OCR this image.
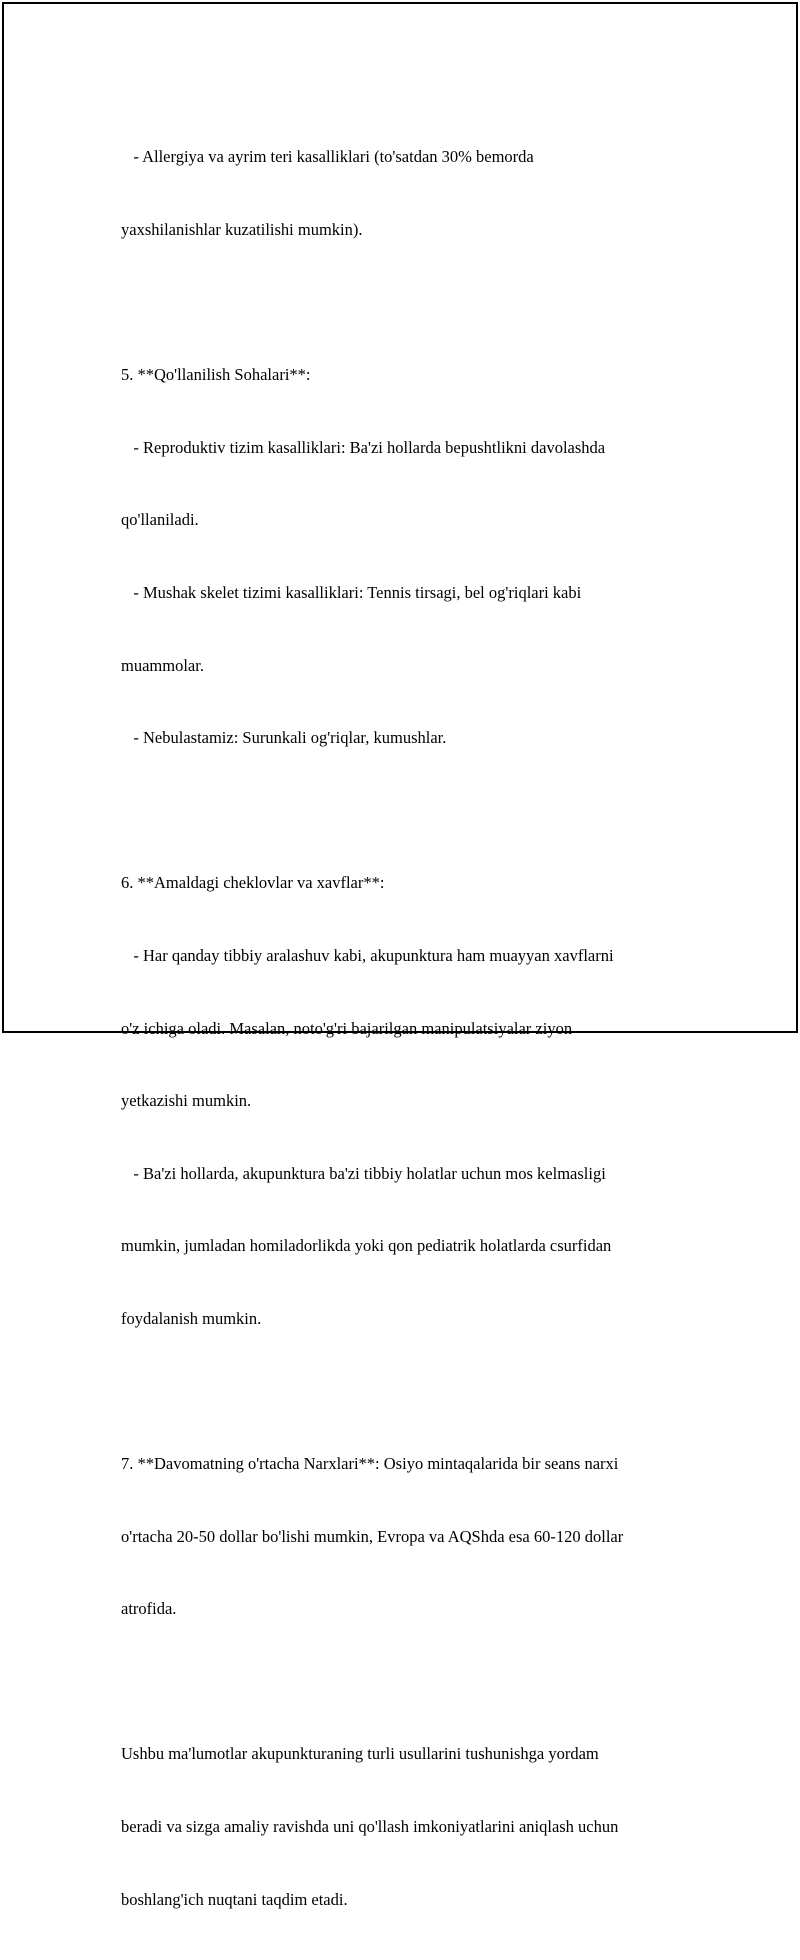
- Allergiya va ayrim teri kasalliklari (to'satdan 30% bemorda

yaxshilanishlar kuzatilishi mumkin).

5. **Qo'llanilish Sohalari**:

- Reproduktiv tizim kasalliklari: Ba'zi hollarda bepushtlikni davolashda

qo'llaniladi.

- Mushak skelet tizimi kasalliklari: Tennis tirsagi, bel og'riqlari kabi

muammolar.

- Nebulastamiz: Surunkali og'riqlar, kumushlar.

6. **Amaldagi cheklovlar va xavflar**:

- Har qanday tibbiy aralashuv kabi, akupunktura ham muayyan xavflarni

o'z ichiga oladi. Masalan, noto'g'ri bajarilgan manipulatsiyalar ziyon

yetkazishi mumkin.

- Ba'zi hollarda, akupunktura ba'zi tibbiy holatlar uchun mos kelmasligi

mumkin, jumladan homiladorlikda yoki qon pediatrik holatlarda csurfidan

foydalanish mumkin.

7. **Davomatning o'rtacha Narxlari**: Osiyo mintaqalarida bir seans narxi

o'rtacha 20-50 dollar bo'lishi mumkin, Evropa va AQShda esa 60-120 dollar

atrofida.

Ushbu ma'lumotlar akupunkturaning turli usullarini tushunishga yordam

beradi va sizga amaliy ravishda uni qo'llash imkoniyatlarini aniqlash uchun

boshlang'ich nuqtani taqdim etadi.
